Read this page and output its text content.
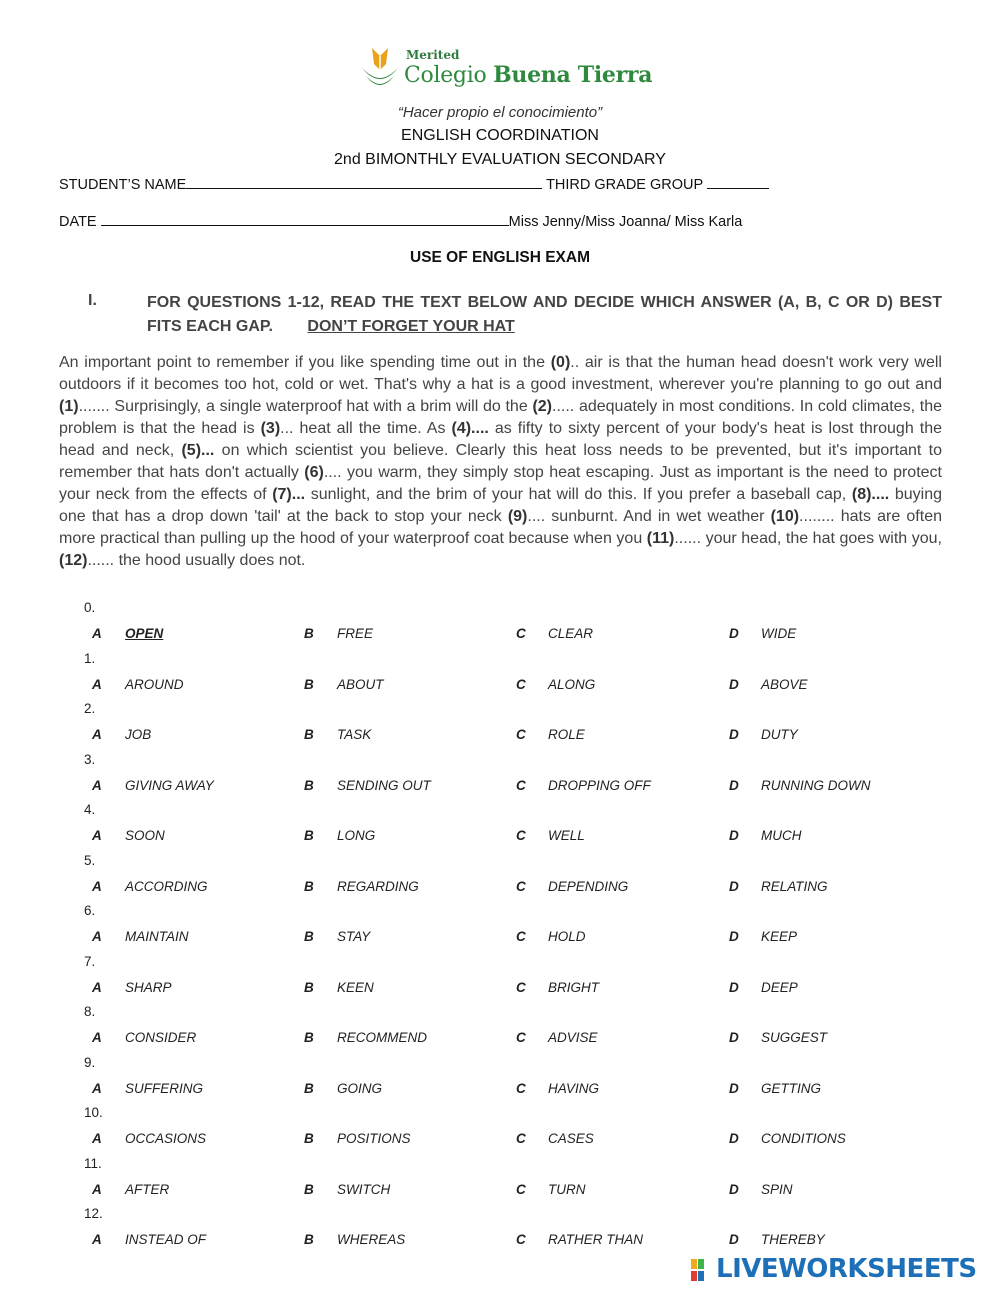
Merited
Colegio Buena Tierra
“Hacer propio el conocimiento”
ENGLISH COORDINATION
2nd BIMONTHLY EVALUATION SECONDARY
STUDENT’S NAME	THIRD GRADE GROUP
DATE	Miss Jenny/Miss Joanna/ Miss Karla
USE OF ENGLISH EXAM
I.	FOR QUESTIONS 1-12, READ THE TEXT BELOW AND DECIDE WHICH ANSWER (A, B, C OR D) BEST FITS EACH GAP. DON’T FORGET YOUR HAT
An important point to remember if you like spending time out in the (0).. air is that the human head doesn't work very well outdoors if it becomes too hot, cold or wet. That's why a hat is a good investment, wherever you're planning to go out and (1)....... Surprisingly, a single waterproof hat with a brim will do the (2)..... adequately in most conditions. In cold climates, the problem is that the head is (3)... heat all the time. As (4).... as fifty to sixty percent of your body's heat is lost through the head and neck, (5)... on which scientist you believe. Clearly this heat loss needs to be prevented, but it's important to remember that hats don't actually (6).... you warm, they simply stop heat escaping. Just as important is the need to protect your neck from the effects of (7)... sunlight, and the brim of your hat will do this. If you prefer a baseball cap, (8).... buying one that has a drop down 'tail' at the back to stop your neck (9).... sunburnt. And in wet weather (10)........ hats are often more practical than pulling up the hood of your waterproof coat because when you (11)...... your head, the hat goes with you, (12)...... the hood usually does not.
0.
A OPEN	B FREE	C CLEAR	D WIDE
1.
A AROUND	B ABOUT	C ALONG	D ABOVE
2.
A JOB	B TASK	C ROLE	D DUTY
3.
A GIVING AWAY	B SENDING OUT	C DROPPING OFF	D RUNNING DOWN
4.
A SOON	B LONG	C WELL	D MUCH
5.
A ACCORDING	B REGARDING	C DEPENDING	D RELATING
6.
A MAINTAIN	B STAY	C HOLD	D KEEP
7.
A SHARP	B KEEN	C BRIGHT	D DEEP
8.
A CONSIDER	B RECOMMEND	C ADVISE	D SUGGEST
9.
A SUFFERING	B GOING	C HAVING	D GETTING
10.
A OCCASIONS	B POSITIONS	C CASES	D CONDITIONS
11.
A AFTER	B SWITCH	C TURN	D SPIN
12.
A INSTEAD OF	B WHEREAS	C RATHER THAN	D THEREBY
LIVEWORKSHEETS
